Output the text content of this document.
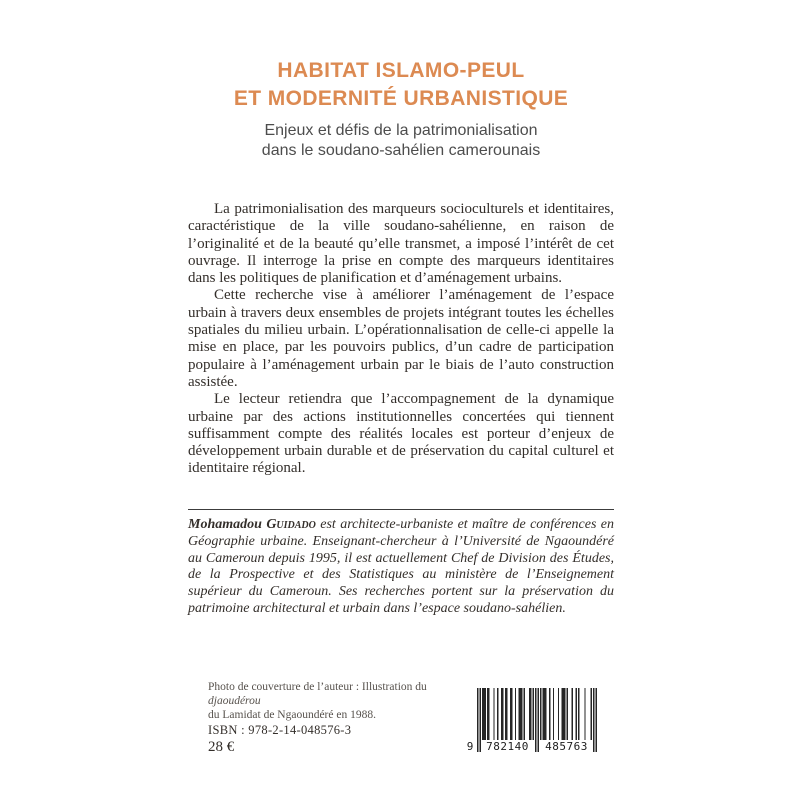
HABITAT ISLAMO-PEUL
ET MODERNITÉ URBANISTIQUE
Enjeux et défis de la patrimonialisation
dans le soudano-sahélien camerounais

La patrimonialisation des marqueurs socioculturels et identitaires, caractéristique de la ville soudano-sahélienne, en raison de l’originalité et de la beauté qu’elle transmet, a imposé l’intérêt de cet ouvrage. Il interroge la prise en compte des marqueurs identitaires dans les politiques de planification et d’aménagement urbains.

Cette recherche vise à améliorer l’aménagement de l’espace urbain à travers deux ensembles de projets intégrant toutes les échelles spatiales du milieu urbain. L’opérationnalisation de celle-ci appelle la mise en place, par les pouvoirs publics, d’un cadre de participation populaire à l’aménagement urbain par le biais de l’auto construction assistée.

Le lecteur retiendra que l’accompagnement de la dynamique urbaine par des actions institutionnelles concertées qui tiennent suffisamment compte des réalités locales est porteur d’enjeux de développement urbain durable et de préservation du capital culturel et identitaire régional.

Mohamadou Guidado est architecte-urbaniste et maître de conférences en Géographie urbaine. Enseignant-chercheur à l’Université de Ngaoundéré au Cameroun depuis 1995, il est actuellement Chef de Division des Études, de la Prospective et des Statistiques au ministère de l’Enseignement supérieur du Cameroun. Ses recherches portent sur la préservation du patrimoine architectural et urbain dans l’espace soudano-sahélien.
Photo de couverture de l’auteur : Illustration du djaoudérou
du Lamidat de Ngaoundéré en 1988.
ISBN : 978-2-14-048576-3
28 €	9	782140	485763
